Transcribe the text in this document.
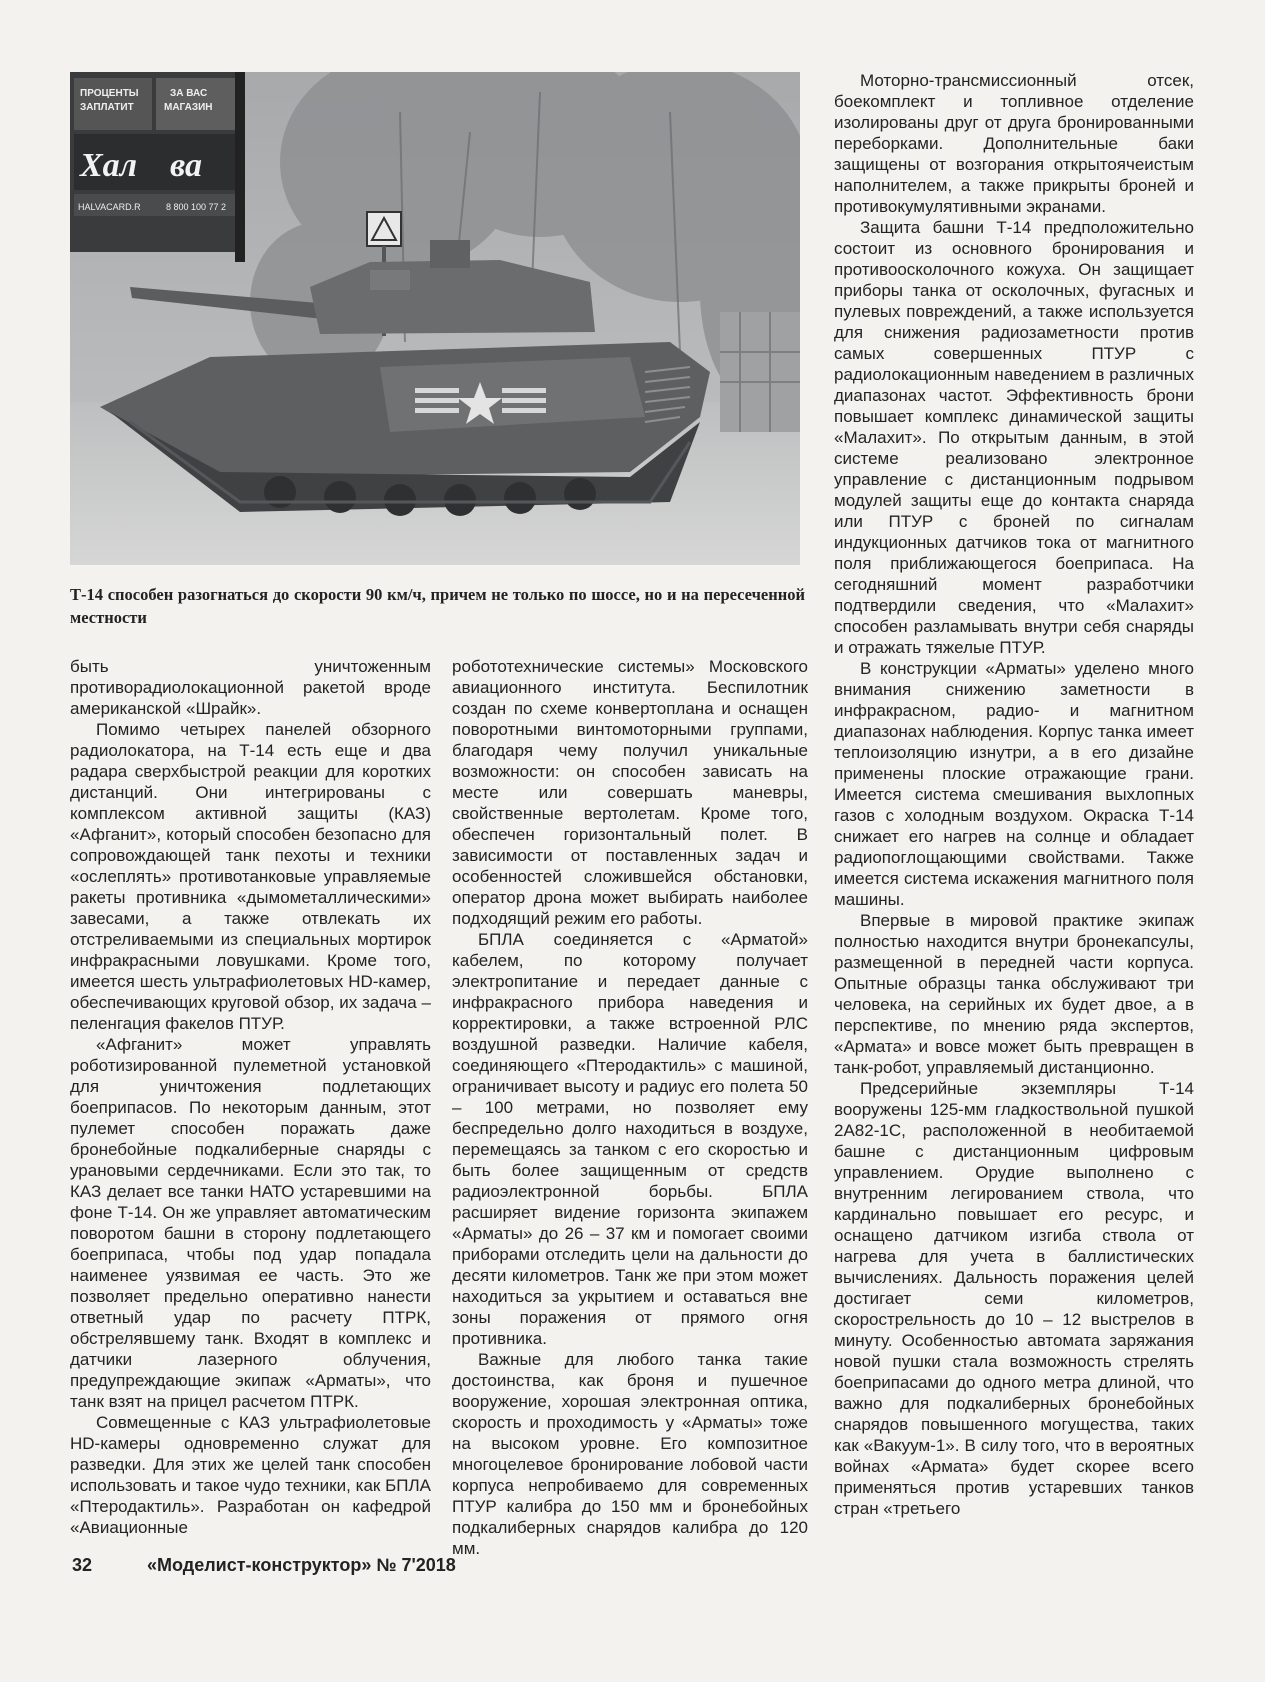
ПРОЦЕНТЫ
ЗАПЛАТИТ
ЗА ВАС
МАГАЗИН
Хал ва
HALVACARD.R	8 800 100 77 2
Т-14 способен разогнаться до скорости 90 км/ч, причем не только по шоссе, но и на пересеченной местности

быть уничтоженным противорадиолокационной ракетой вроде американской «Шрайк».

Помимо четырех панелей обзорного радиолокатора, на Т-14 есть еще и два радара сверхбыстрой реакции для коротких дистанций. Они интегрированы с комплексом активной защиты (КАЗ) «Афганит», который способен безопасно для сопровождающей танк пехоты и техники «ослеплять» противотанковые управляемые ракеты противника «дымометаллическими» завесами, а также отвлекать их отстреливаемыми из специальных мортирок инфракрасными ловушками. Кроме того, имеется шесть ультрафиолетовых HD-камер, обеспечивающих круговой обзор, их задача – пеленгация факелов ПТУР.

«Афганит» может управлять роботизированной пулеметной установкой для уничтожения подлетающих боеприпасов. По некоторым данным, этот пулемет способен поражать даже бронебойные подкалиберные снаряды с урановыми сердечниками. Если это так, то КАЗ делает все танки НАТО устаревшими на фоне Т-14. Он же управляет автоматическим поворотом башни в сторону подлетающего боеприпаса, чтобы под удар попадала наименее уязвимая ее часть. Это же позволяет предельно оперативно нанести ответный удар по расчету ПТРК, обстрелявшему танк. Входят в комплекс и датчики лазерного облучения, предупреждающие экипаж «Арматы», что танк взят на прицел расчетом ПТРК.

Совмещенные с КАЗ ультрафиолетовые HD-камеры одновременно служат для разведки. Для этих же целей танк способен использовать и такое чудо техники, как БПЛА «Птеродактиль». Разработан он кафедрой «Авиационные

робототехнические системы» Московского авиационного института. Беспилотник создан по схеме конвертоплана и оснащен поворотными винтомоторными группами, благодаря чему получил уникальные возможности: он способен зависать на месте или совершать маневры, свойственные вертолетам. Кроме того, обеспечен горизонтальный полет. В зависимости от поставленных задач и особенностей сложившейся обстановки, оператор дрона может выбирать наиболее подходящий режим его работы.

БПЛА соединяется с «Арматой» кабелем, по которому получает электропитание и передает данные с инфракрасного прибора наведения и корректировки, а также встроенной РЛС воздушной разведки. Наличие кабеля, соединяющего «Птеродактиль» с машиной, ограничивает высоту и радиус его полета 50 – 100 метрами, но позволяет ему беспредельно долго находиться в воздухе, перемещаясь за танком с его скоростью и быть более защищенным от средств радиоэлектронной борьбы. БПЛА расширяет видение горизонта экипажем «Арматы» до 26 – 37 км и помогает своими приборами отследить цели на дальности до десяти километров. Танк же при этом может находиться за укрытием и оставаться вне зоны поражения от прямого огня противника.

Важные для любого танка такие достоинства, как броня и пушечное вооружение, хорошая электронная оптика, скорость и проходимость у «Арматы» тоже на высоком уровне. Его композитное многоцелевое бронирование лобовой части корпуса непробиваемо для современных ПТУР калибра до 150 мм и бронебойных подкалиберных снарядов калибра до 120 мм.

Моторно-трансмиссионный отсек, боекомплект и топливное отделение изолированы друг от друга бронированными переборками. Дополнительные баки защищены от возгорания открытоячеистым наполнителем, а также прикрыты броней и противокумулятивными экранами.

Защита башни Т-14 предположительно состоит из основного бронирования и противоосколочного кожуха. Он защищает приборы танка от осколочных, фугасных и пулевых повреждений, а также используется для снижения радиозаметности против самых совершенных ПТУР с радиолокационным наведением в различных диапазонах частот. Эффективность брони повышает комплекс динамической защиты «Малахит». По открытым данным, в этой системе реализовано электронное управление с дистанционным подрывом модулей защиты еще до контакта снаряда или ПТУР с броней по сигналам индукционных датчиков тока от магнитного поля приближающегося боеприпаса. На сегодняшний момент разработчики подтвердили сведения, что «Малахит» способен разламывать внутри себя снаряды и отражать тяжелые ПТУР.

В конструкции «Арматы» уделено много внимания снижению заметности в инфракрасном, радио- и магнитном диапазонах наблюдения. Корпус танка имеет теплоизоляцию изнутри, а в его дизайне применены плоские отражающие грани. Имеется система смешивания выхлопных газов с холодным воздухом. Окраска Т-14 снижает его нагрев на солнце и обладает радиопоглощающими свойствами. Также имеется система искажения магнитного поля машины.

Впервые в мировой практике экипаж полностью находится внутри бронекапсулы, размещенной в передней части корпуса. Опытные образцы танка обслуживают три человека, на серийных их будет двое, а в перспективе, по мнению ряда экспертов, «Армата» и вовсе может быть превращен в танк-робот, управляемый дистанционно.

Предсерийные экземпляры Т-14 вооружены 125-мм гладкоствольной пушкой 2А82-1С, расположенной в необитаемой башне с дистанционным цифровым управлением. Орудие выполнено с внутренним легированием ствола, что кардинально повышает его ресурс, и оснащено датчиком изгиба ствола от нагрева для учета в баллистических вычислениях. Дальность поражения целей достигает семи километров, скорострельность до 10 – 12 выстрелов в минуту. Особенностью автомата заряжания новой пушки стала возможность стрелять боеприпасами до одного метра длиной, что важно для подкалиберных бронебойных снарядов повышенного могущества, таких как «Вакуум-1». В силу того, что в вероятных войнах «Армата» будет скорее всего применяться против устаревших танков стран «третьего

32	«Моделист-конструктор» № 7'2018
